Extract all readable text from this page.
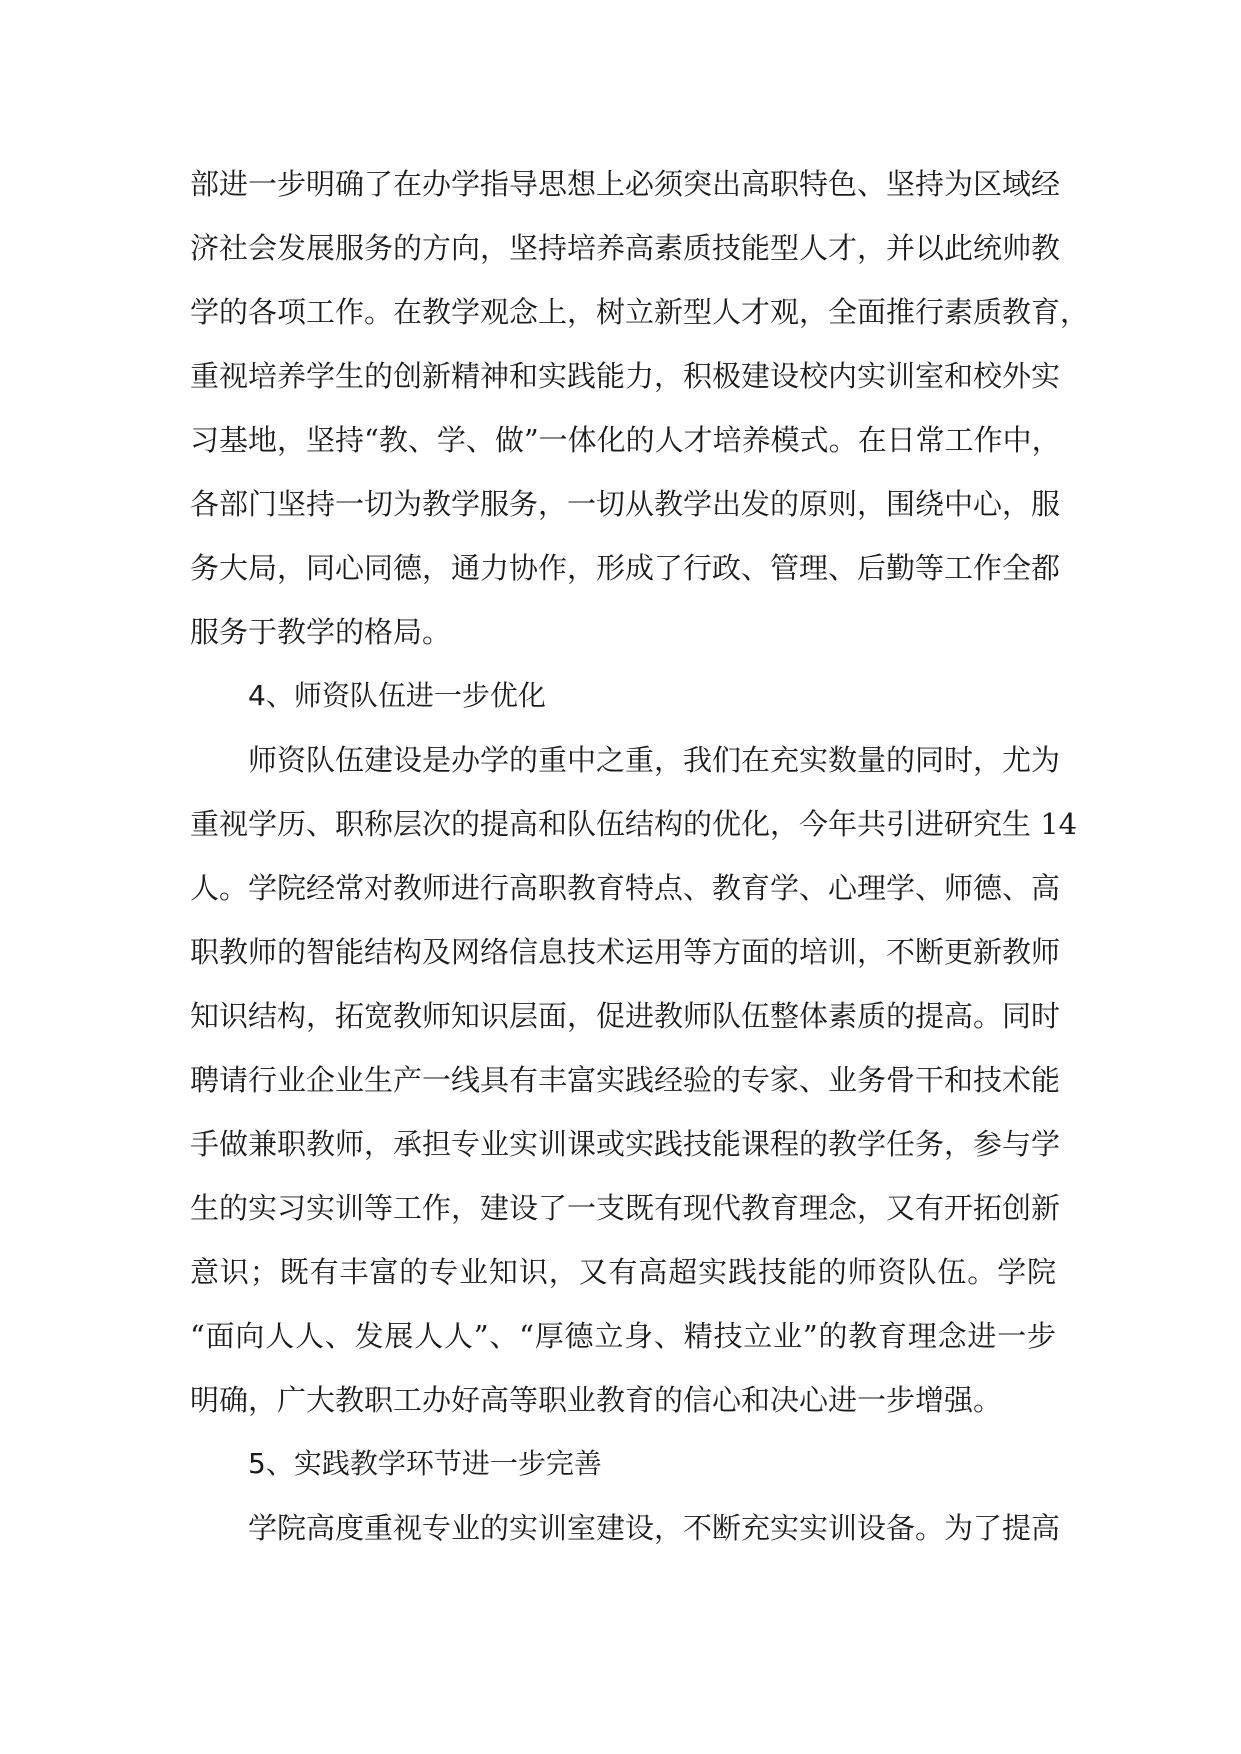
部进一步明确了在办学指导思想上必须突出高职特色、坚持为区域经
济社会发展服务的方向，坚持培养高素质技能型人才，并以此统帅教
学的各项工作。在教学观念上，树立新型人才观，全面推行素质教育，
重视培养学生的创新精神和实践能力，积极建设校内实训室和校外实
习基地，坚持“教、学、做”一体化的人才培养模式。在日常工作中，
各部门坚持一切为教学服务，一切从教学出发的原则，围绕中心，服
务大局，同心同德，通力协作，形成了行政、管理、后勤等工作全都
服务于教学的格局。
4、师资队伍进一步优化
师资队伍建设是办学的重中之重，我们在充实数量的同时，尤为
重视学历、职称层次的提高和队伍结构的优化，今年共引进研究生 14
人。学院经常对教师进行高职教育特点、教育学、心理学、师德、高
职教师的智能结构及网络信息技术运用等方面的培训，不断更新教师
知识结构，拓宽教师知识层面，促进教师队伍整体素质的提高。同时
聘请行业企业生产一线具有丰富实践经验的专家、业务骨干和技术能
手做兼职教师，承担专业实训课或实践技能课程的教学任务，参与学
生的实习实训等工作，建设了一支既有现代教育理念，又有开拓创新
意识；既有丰富的专业知识，又有高超实践技能的师资队伍。学院
“面向人人、发展人人”、“厚德立身、精技立业”的教育理念进一步
明确，广大教职工办好高等职业教育的信心和决心进一步增强。
5、实践教学环节进一步完善
学院高度重视专业的实训室建设，不断充实实训设备。为了提高
